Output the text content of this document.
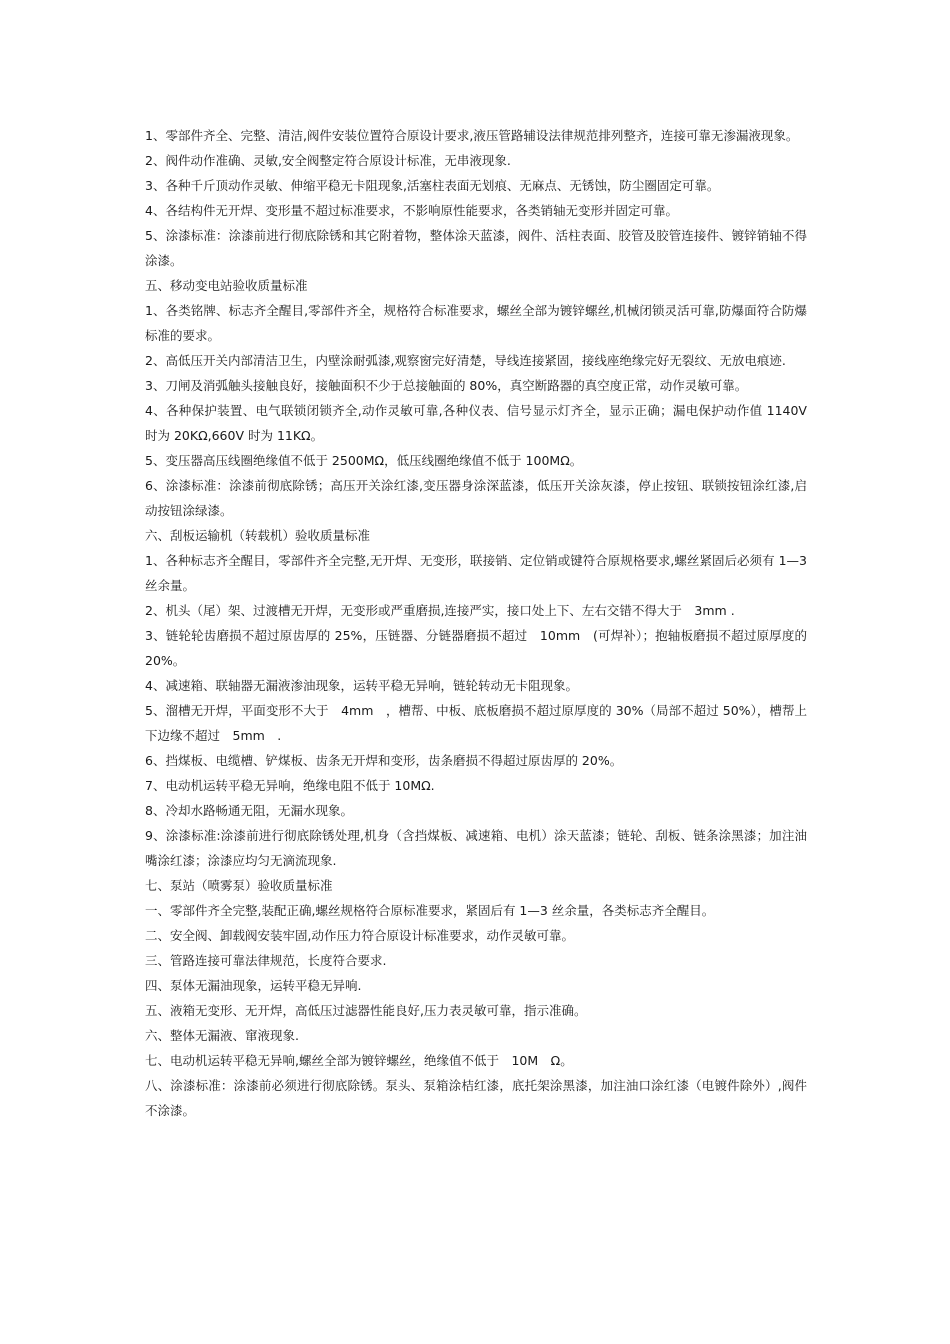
1、零部件齐全、完整、清洁,阀件安装位置符合原设计要求,液压管路辅设法律规范排列整齐，连接可靠无渗漏液现象。

2、阀件动作准确、灵敏,安全阀整定符合原设计标准，无串液现象.

3、各种千斤顶动作灵敏、伸缩平稳无卡阻现象,活塞柱表面无划痕、无麻点、无锈蚀，防尘圈固定可靠。

4、各结构件无开焊、变形量不超过标准要求，不影响原性能要求，各类销轴无变形并固定可靠。

5、涂漆标准：涂漆前进行彻底除锈和其它附着物，整体涂天蓝漆，阀件、活柱表面、胶管及胶管连接件、镀锌销轴不得涂漆。

五、移动变电站验收质量标准

1、各类铭牌、标志齐全醒目,零部件齐全，规格符合标准要求，螺丝全部为镀锌螺丝,机械闭锁灵活可靠,防爆面符合防爆标准的要求。

2、高低压开关内部清洁卫生，内壁涂耐弧漆,观察窗完好清楚，导线连接紧固，接线座绝缘完好无裂纹、无放电痕迹.

3、刀闸及消弧触头接触良好，接触面积不少于总接触面的 80%，真空断路器的真空度正常，动作灵敏可靠。

4、各种保护装置、电气联锁闭锁齐全,动作灵敏可靠,各种仪表、信号显示灯齐全，显示正确；漏电保护动作值 1140V 时为 20KΩ,660V 时为 11KΩ。

5、变压器高压线圈绝缘值不低于 2500MΩ，低压线圈绝缘值不低于 100MΩ。

6、涂漆标准：涂漆前彻底除锈；高压开关涂红漆,变压器身涂深蓝漆，低压开关涂灰漆，停止按钮、联锁按钮涂红漆,启动按钮涂绿漆。

六、刮板运输机（转载机）验收质量标准

1、各种标志齐全醒目，零部件齐全完整,无开焊、无变形，联接销、定位销或键符合原规格要求,螺丝紧固后必须有 1—3 丝余量。

2、机头（尾）架、过渡槽无开焊，无变形或严重磨损,连接严实，接口处上下、左右交错不得大于　3mm .

3、链轮轮齿磨损不超过原齿厚的 25%，压链器、分链器磨损不超过　10mm　(可焊补）；抱轴板磨损不超过原厚度的 20%。

4、减速箱、联轴器无漏液渗油现象，运转平稳无异响，链轮转动无卡阻现象。

5、溜槽无开焊，平面变形不大于　4mm　，槽帮、中板、底板磨损不超过原厚度的 30%（局部不超过 50%），槽帮上下边缘不超过　5mm　.

6、挡煤板、电缆槽、铲煤板、齿条无开焊和变形，齿条磨损不得超过原齿厚的 20%。

7、电动机运转平稳无异响，绝缘电阻不低于 10MΩ.

8、冷却水路畅通无阻，无漏水现象。

9、涂漆标准:涂漆前进行彻底除锈处理,机身（含挡煤板、减速箱、电机）涂天蓝漆；链轮、刮板、链条涂黑漆；加注油嘴涂红漆；涂漆应均匀无滴流现象.

七、泵站（喷雾泵）验收质量标准

一、零部件齐全完整,装配正确,螺丝规格符合原标准要求，紧固后有 1—3 丝余量，各类标志齐全醒目。

二、安全阀、卸载阀安装牢固,动作压力符合原设计标准要求，动作灵敏可靠。

三、管路连接可靠法律规范，长度符合要求.

四、泵体无漏油现象，运转平稳无异响.

五、液箱无变形、无开焊，高低压过滤器性能良好,压力表灵敏可靠，指示准确。

六、整体无漏液、窜液现象.

七、电动机运转平稳无异响,螺丝全部为镀锌螺丝，绝缘值不低于　10M　Ω。

八、涂漆标准：涂漆前必须进行彻底除锈。泵头、泵箱涂桔红漆，底托架涂黑漆，加注油口涂红漆（电镀件除外）,阀件不涂漆。
